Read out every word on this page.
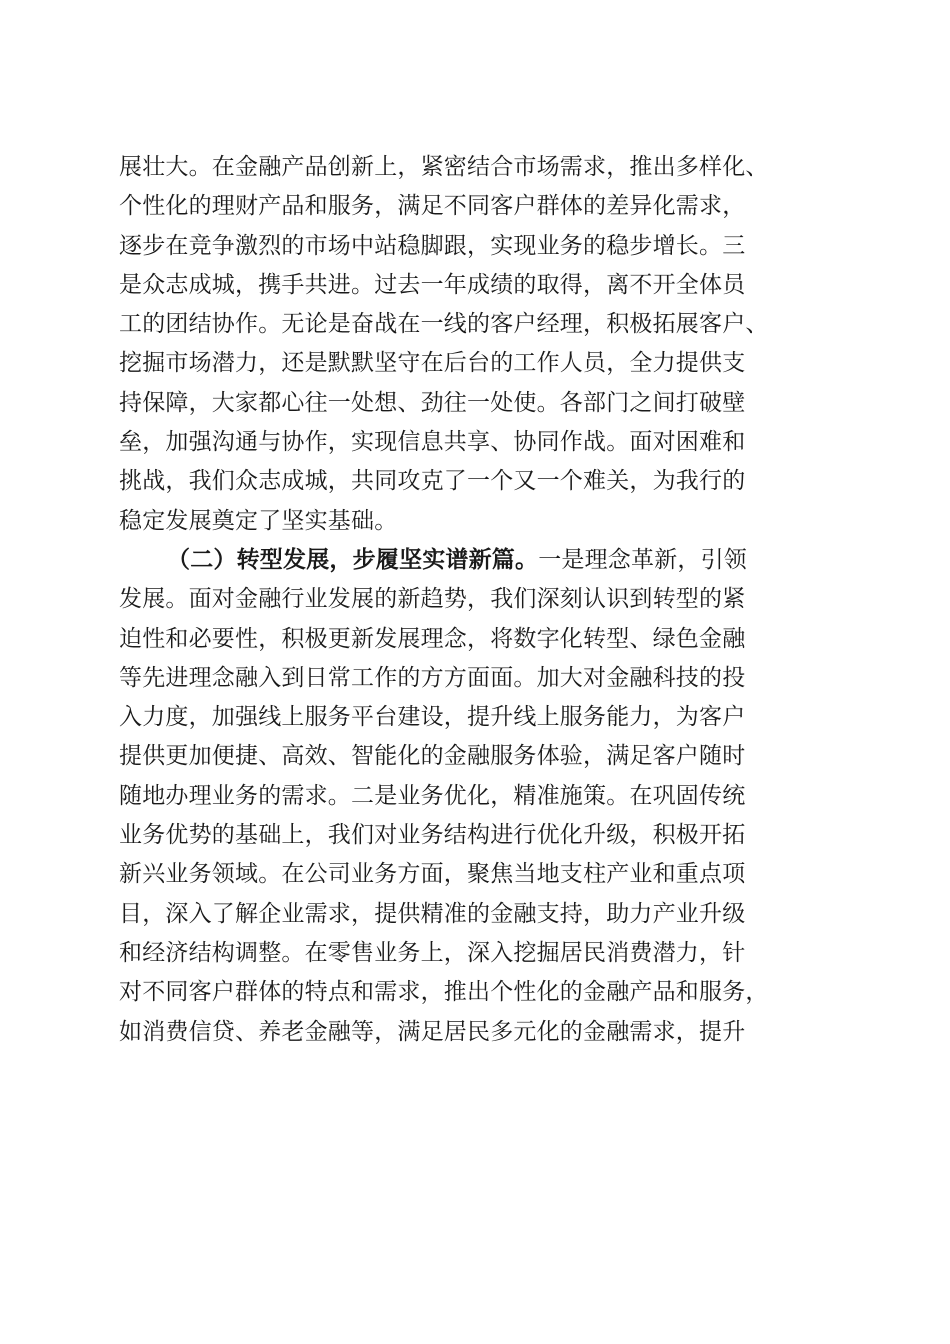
展壮大。在金融产品创新上，紧密结合市场需求，推出多样化、
个性化的理财产品和服务，满足不同客户群体的差异化需求，
逐步在竞争激烈的市场中站稳脚跟，实现业务的稳步增长。三
是众志成城，携手共进。过去一年成绩的取得，离不开全体员
工的团结协作。无论是奋战在一线的客户经理，积极拓展客户、
挖掘市场潜力，还是默默坚守在后台的工作人员，全力提供支
持保障，大家都心往一处想、劲往一处使。各部门之间打破壁
垒，加强沟通与协作，实现信息共享、协同作战。面对困难和
挑战，我们众志成城，共同攻克了一个又一个难关，为我行的
稳定发展奠定了坚实基础。
（二）转型发展，步履坚实谱新篇。一是理念革新，引领
发展。面对金融行业发展的新趋势，我们深刻认识到转型的紧
迫性和必要性，积极更新发展理念，将数字化转型、绿色金融
等先进理念融入到日常工作的方方面面。加大对金融科技的投
入力度，加强线上服务平台建设，提升线上服务能力，为客户
提供更加便捷、高效、智能化的金融服务体验，满足客户随时
随地办理业务的需求。二是业务优化，精准施策。在巩固传统
业务优势的基础上，我们对业务结构进行优化升级，积极开拓
新兴业务领域。在公司业务方面，聚焦当地支柱产业和重点项
目，深入了解企业需求，提供精准的金融支持，助力产业升级
和经济结构调整。在零售业务上，深入挖掘居民消费潜力，针
对不同客户群体的特点和需求，推出个性化的金融产品和服务，
如消费信贷、养老金融等，满足居民多元化的金融需求，提升
